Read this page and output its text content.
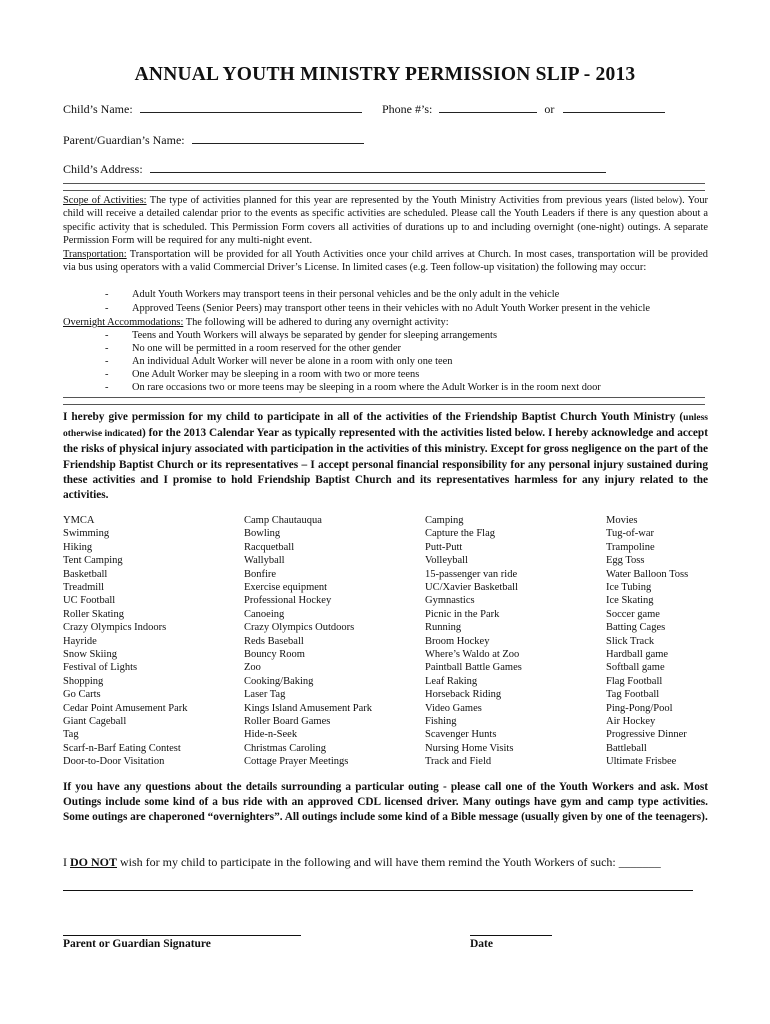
ANNUAL YOUTH MINISTRY PERMISSION SLIP - 2013
Child’s Name:	Phone #’s:	or
Parent/Guardian’s Name:
Child’s Address:
Scope of Activities: The type of activities planned for this year are represented by the Youth Ministry Activities from previous years (listed below). Your child will receive a detailed calendar prior to the events as specific activities are scheduled. Please call the Youth Leaders if there is any question about a specific activity that is scheduled. This Permission Form covers all activities of durations up to and including overnight (one-night) outings. A separate Permission Form will be required for any multi-night event.
Transportation: Transportation will be provided for all Youth Activities once your child arrives at Church. In most cases, transportation will be provided via bus using operators with a valid Commercial Driver’s License. In limited cases (e.g. Teen follow-up visitation) the following may occur:
- Adult Youth Workers may transport teens in their personal vehicles and be the only adult in the vehicle
- Approved Teens (Senior Peers) may transport other teens in their vehicles with no Adult Youth Worker present in the vehicle
Overnight Accommodations: The following will be adhered to during any overnight activity:
- Teens and Youth Workers will always be separated by gender for sleeping arrangements
- No one will be permitted in a room reserved for the other gender
- An individual Adult Worker will never be alone in a room with only one teen
- One Adult Worker may be sleeping in a room with two or more teens
- On rare occasions two or more teens may be sleeping in a room where the Adult Worker is in the room next door
I hereby give permission for my child to participate in all of the activities of the Friendship Baptist Church Youth Ministry (unless otherwise indicated) for the 2013 Calendar Year as typically represented with the activities listed below. I hereby acknowledge and accept the risks of physical injury associated with participation in the activities of this ministry. Except for gross negligence on the part of the Friendship Baptist Church or its representatives – I accept personal financial responsibility for any personal injury sustained during these activities and I promise to hold Friendship Baptist Church and its representatives harmless for any injury related to the activities.
YMCA
Swimming
Hiking
Tent Camping
Basketball
Treadmill
UC Football
Roller Skating
Crazy Olympics Indoors
Hayride
Snow Skiing
Festival of Lights
Shopping
Go Carts
Cedar Point Amusement Park
Giant Cageball
Tag
Scarf-n-Barf Eating Contest
Door-to-Door Visitation
Camp Chautauqua
Bowling
Racquetball
Wallyball
Bonfire
Exercise equipment
Professional Hockey
Canoeing
Crazy Olympics Outdoors
Reds Baseball
Bouncy Room
Zoo
Cooking/Baking
Laser Tag
Kings Island Amusement Park
Roller Board Games
Hide-n-Seek
Christmas Caroling
Cottage Prayer Meetings
Camping
Capture the Flag
Putt-Putt
Volleyball
15-passenger van ride
UC/Xavier Basketball
Gymnastics
Picnic in the Park
Running
Broom Hockey
Where’s Waldo at Zoo
Paintball Battle Games
Leaf Raking
Horseback Riding
Video Games
Fishing
Scavenger Hunts
Nursing Home Visits
Track and Field
Movies
Tug-of-war
Trampoline
Egg Toss
Water Balloon Toss
Ice Tubing
Ice Skating
Soccer game
Batting Cages
Slick Track
Hardball game
Softball game
Flag Football
Tag Football
Ping-Pong/Pool
Air Hockey
Progressive Dinner
Battleball
Ultimate Frisbee
If you have any questions about the details surrounding a particular outing - please call one of the Youth Workers and ask. Most Outings include some kind of a bus ride with an approved CDL licensed driver. Many outings have gym and camp type activities. Some outings are chaperoned “overnighters”. All outings include some kind of a Bible message (usually given by one of the teenagers).
I DO NOT wish for my child to participate in the following and will have them remind the Youth Workers of such: _______
Parent or Guardian Signature	Date
